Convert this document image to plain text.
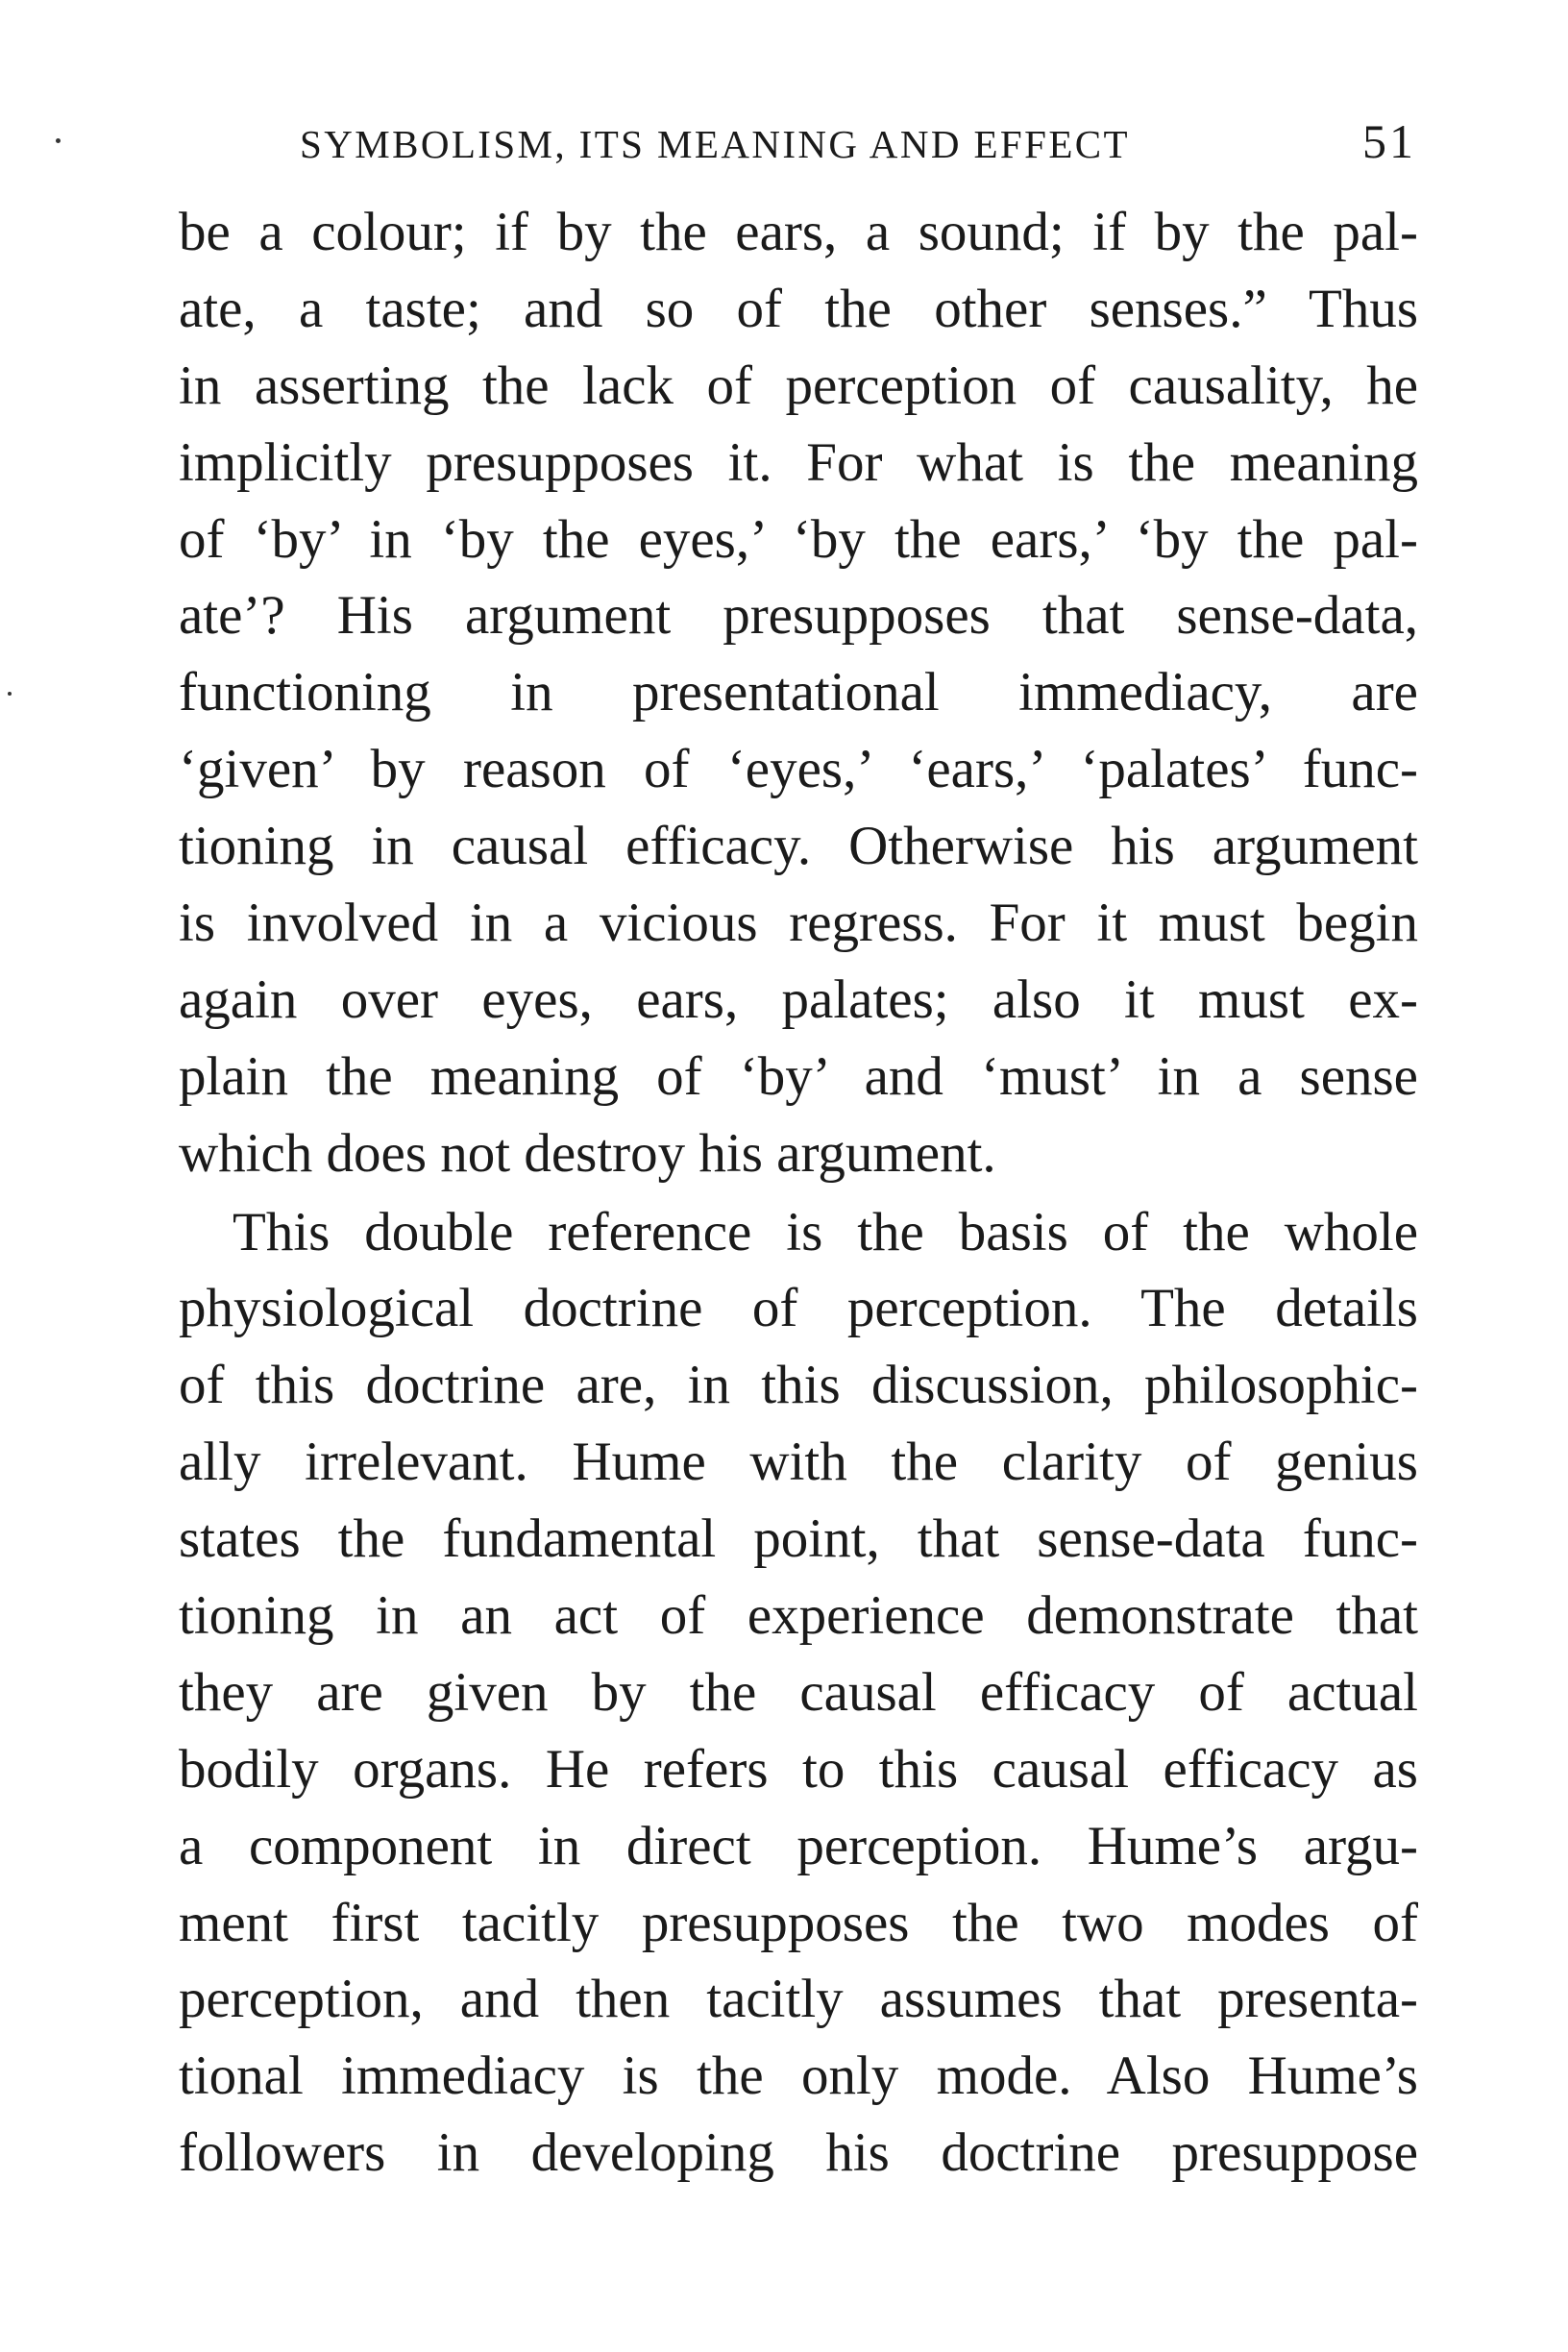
SYMBOLISM, ITS MEANING AND EFFECT	51
be a colour; if by the ears, a sound; if by the pal-
ate, a taste; and so of the other senses.” Thus
in asserting the lack of perception of causality, he
implicitly presupposes it. For what is the meaning
of ‘by’ in ‘by the eyes,’ ‘by the ears,’ ‘by the pal-
ate’? His argument presupposes that sense-data,
functioning in presentational immediacy, are
‘given’ by reason of ‘eyes,’ ‘ears,’ ‘palates’ func-
tioning in causal efficacy. Otherwise his argument
is involved in a vicious regress. For it must begin
again over eyes, ears, palates; also it must ex-
plain the meaning of ‘by’ and ‘must’ in a sense
which does not destroy his argument.
This double reference is the basis of the whole
physiological doctrine of perception. The details
of this doctrine are, in this discussion, philosophic-
ally irrelevant. Hume with the clarity of genius
states the fundamental point, that sense-data func-
tioning in an act of experience demonstrate that
they are given by the causal efficacy of actual
bodily organs. He refers to this causal efficacy as
a component in direct perception. Hume’s argu-
ment first tacitly presupposes the two modes of
perception, and then tacitly assumes that presenta-
tional immediacy is the only mode. Also Hume’s
followers in developing his doctrine presuppose
